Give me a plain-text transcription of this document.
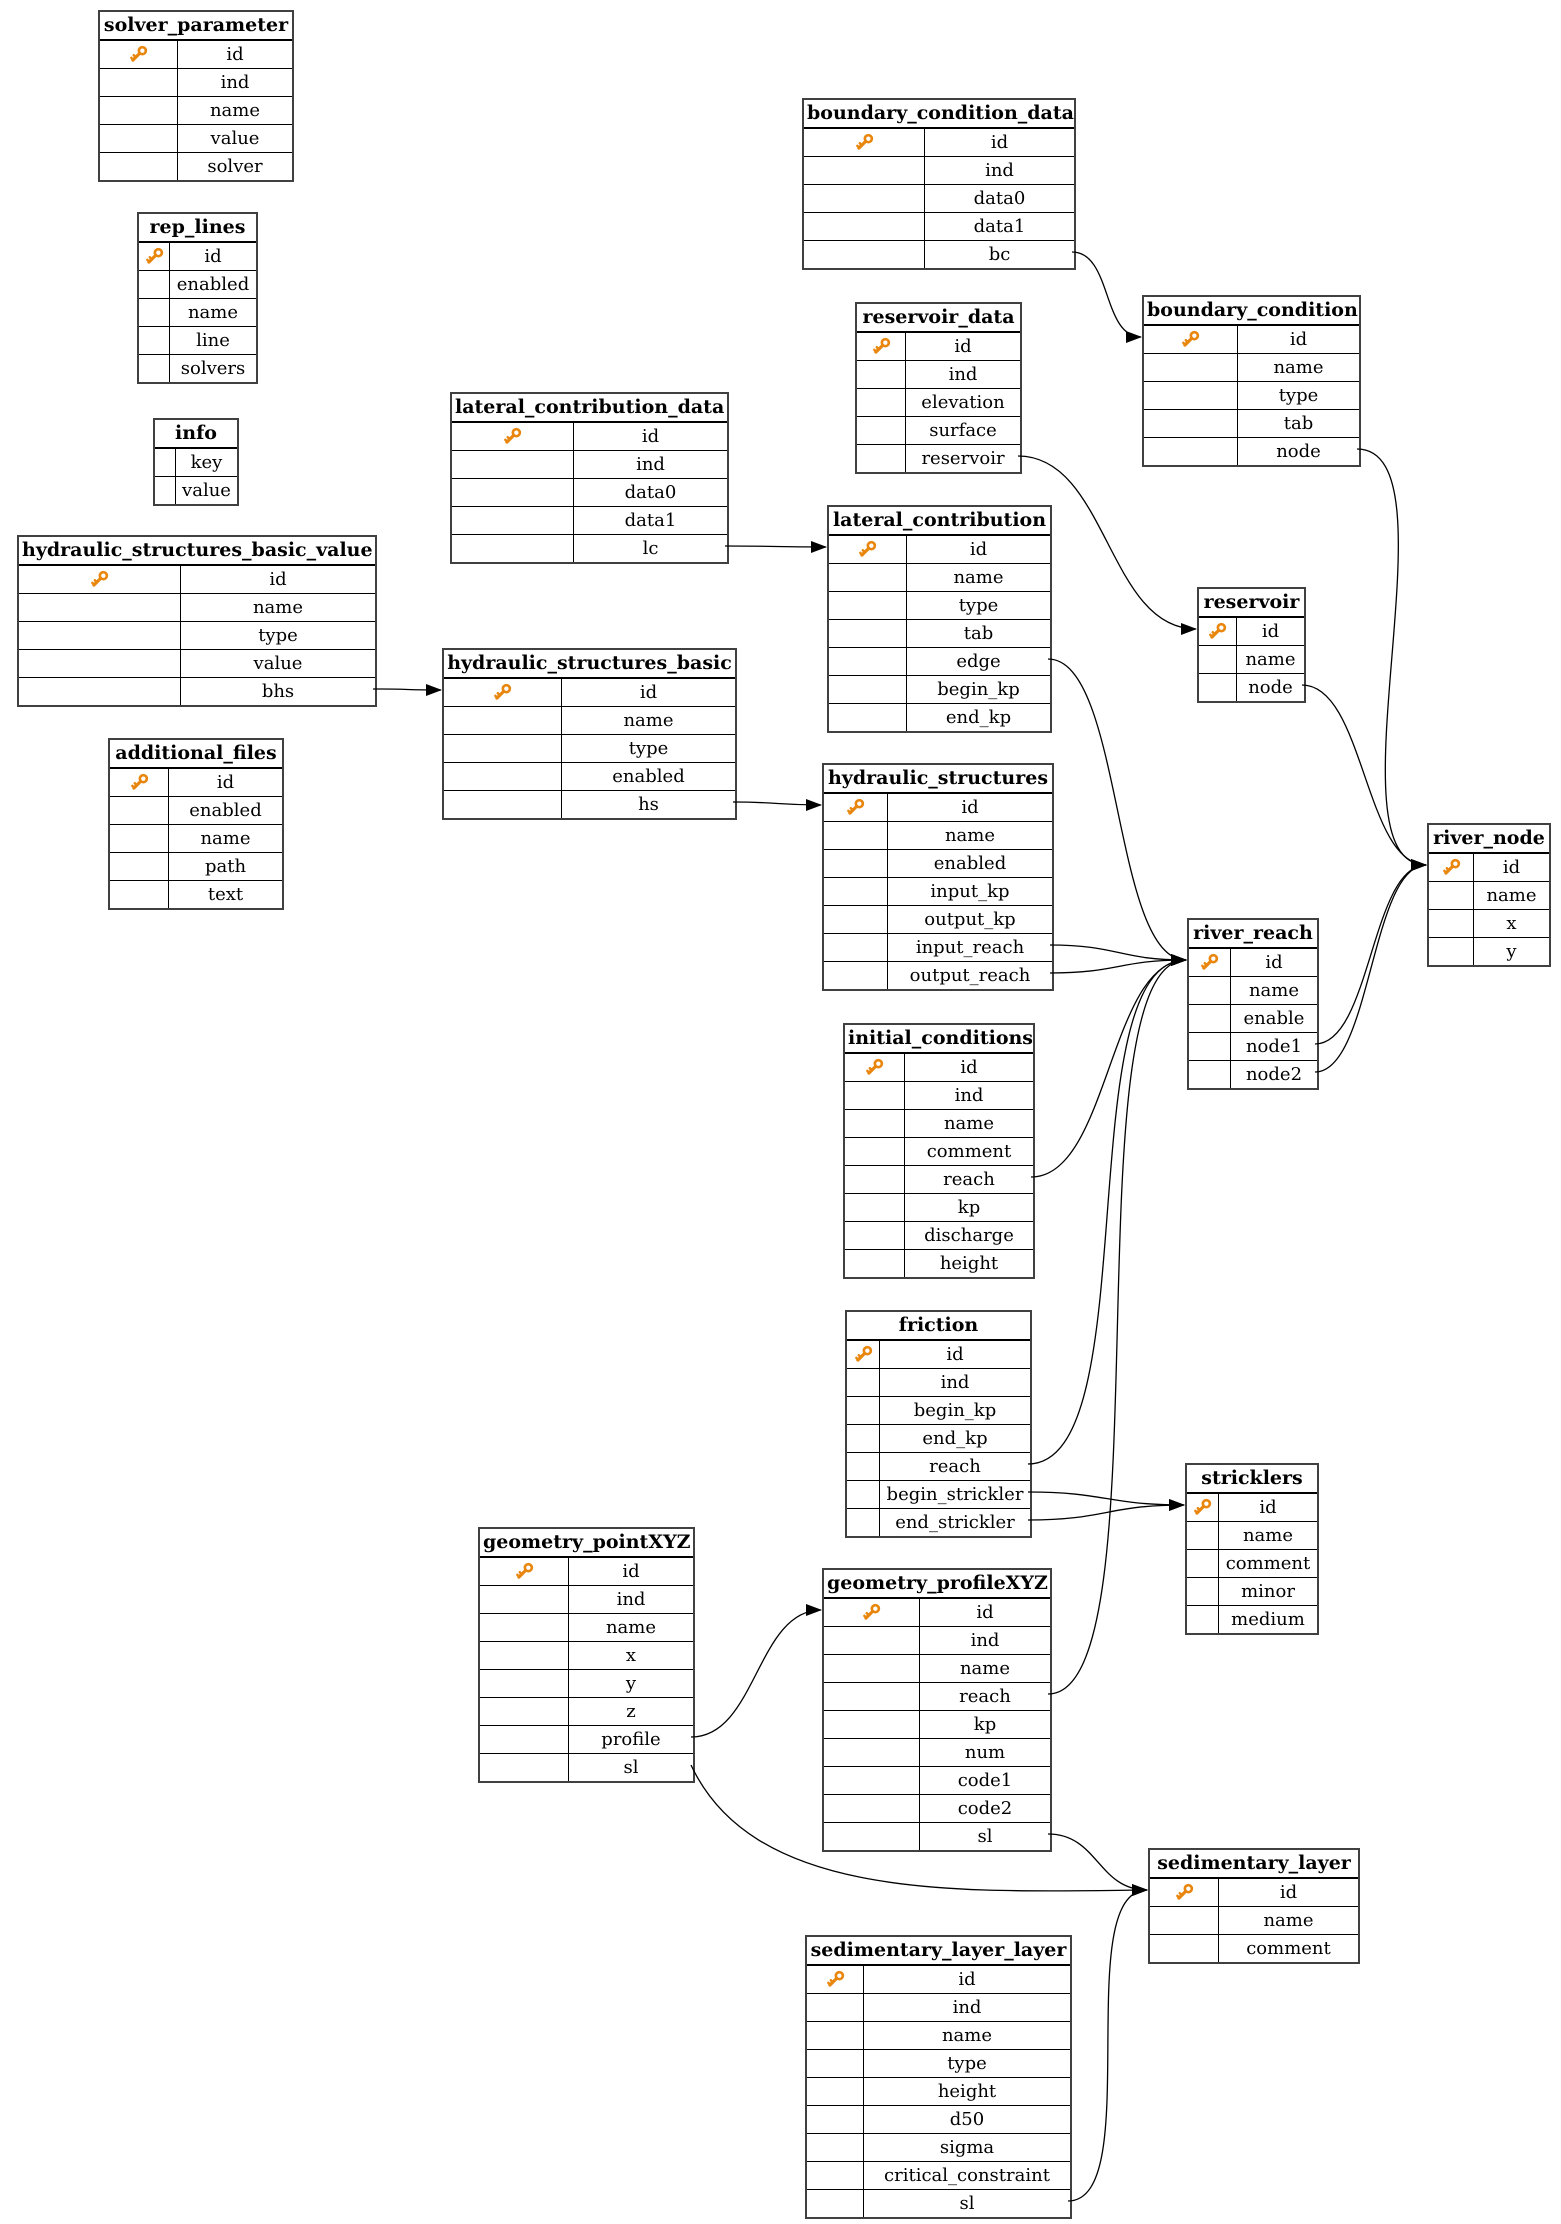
solver_parameter
id
ind
name
value
solver
rep_lines
id
enabled
name
line
solvers
info
key
value
hydraulic_structures_basic_value
id
name
type
value
bhs
additional_files
id
enabled
name
path
text
lateral_contribution_data
id
ind
data0
data1
lc
hydraulic_structures_basic
id
name
type
enabled
hs
boundary_condition_data
id
ind
data0
data1
bc
reservoir_data
id
ind
elevation
surface
reservoir
lateral_contribution
id
name
type
tab
edge
begin_kp
end_kp
hydraulic_structures
id
name
enabled
input_kp
output_kp
input_reach
output_reach
boundary_condition
id
name
type
tab
node
reservoir
id
name
node
river_reach
id
name
enable
node1
node2
river_node
id
name
x
y
initial_conditions
id
ind
name
comment
reach
kp
discharge
height
friction
id
ind
begin_kp
end_kp
reach
begin_strickler
end_strickler
stricklers
id
name
comment
minor
medium
geometry_pointXYZ
id
ind
name
x
y
z
profile
sl
geometry_profileXYZ
id
ind
name
reach
kp
num
code1
code2
sl
sedimentary_layer
id
name
comment
sedimentary_layer_layer
id
ind
name
type
height
d50
sigma
critical_constraint
sl
